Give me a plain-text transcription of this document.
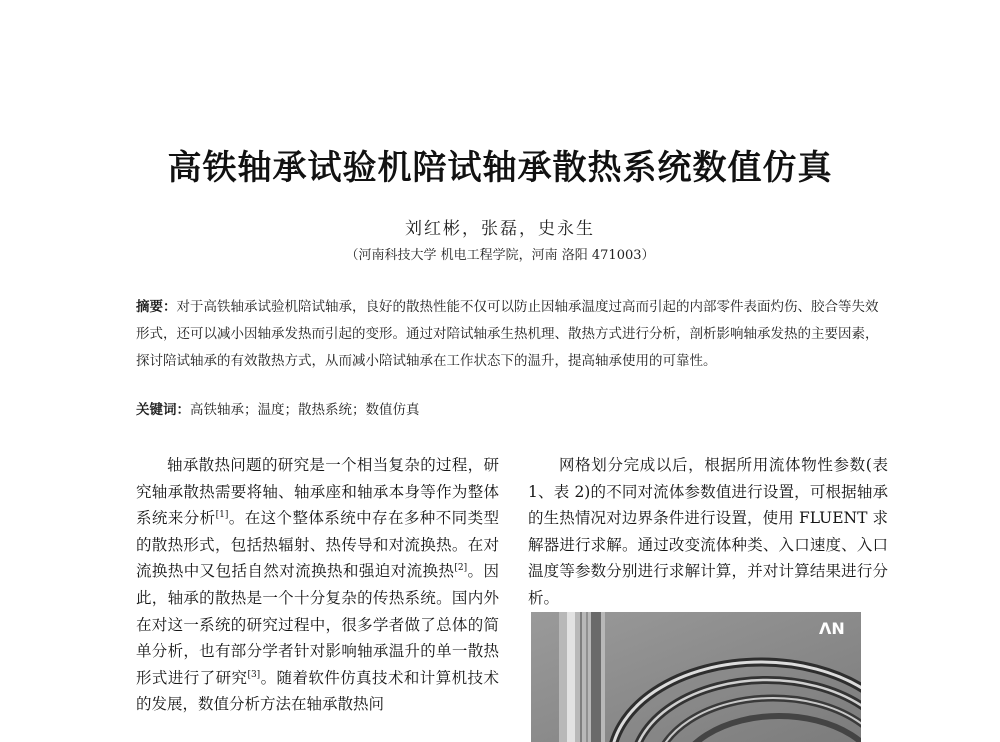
高铁轴承试验机陪试轴承散热系统数值仿真
刘红彬，张磊，史永生
（河南科技大学 机电工程学院，河南 洛阳 471003）
摘要：对于高铁轴承试验机陪试轴承，良好的散热性能不仅可以防止因轴承温度过高而引起的内部零件表面灼伤、胶合等失效形式，还可以减小因轴承发热而引起的变形。通过对陪试轴承生热机理、散热方式进行分析，剖析影响轴承发热的主要因素，探讨陪试轴承的有效散热方式，从而减小陪试轴承在工作状态下的温升，提高轴承使用的可靠性。
关键词：高铁轴承；温度；散热系统；数值仿真

轴承散热问题的研究是一个相当复杂的过程，研究轴承散热需要将轴、轴承座和轴承本身等作为整体系统来分析[1]。在这个整体系统中存在多种不同类型的散热形式，包括热辐射、热传导和对流换热。在对流换热中又包括自然对流换热和强迫对流换热[2]。因此，轴承的散热是一个十分复杂的传热系统。国内外在对这一系统的研究过程中，很多学者做了总体的简单分析，也有部分学者针对影响轴承温升的单一散热形式进行了研究[3]。随着软件仿真技术和计算机技术的发展，数值分析方法在轴承散热问

网格划分完成以后，根据所用流体物性参数(表 1、表 2)的不同对流体参数值进行设置，可根据轴承的生热情况对边界条件进行设置，使用 FLUENT 求解器进行求解。通过改变流体种类、入口速度、入口温度等参数分别进行求解计算，并对计算结果进行分析。

ΛN
